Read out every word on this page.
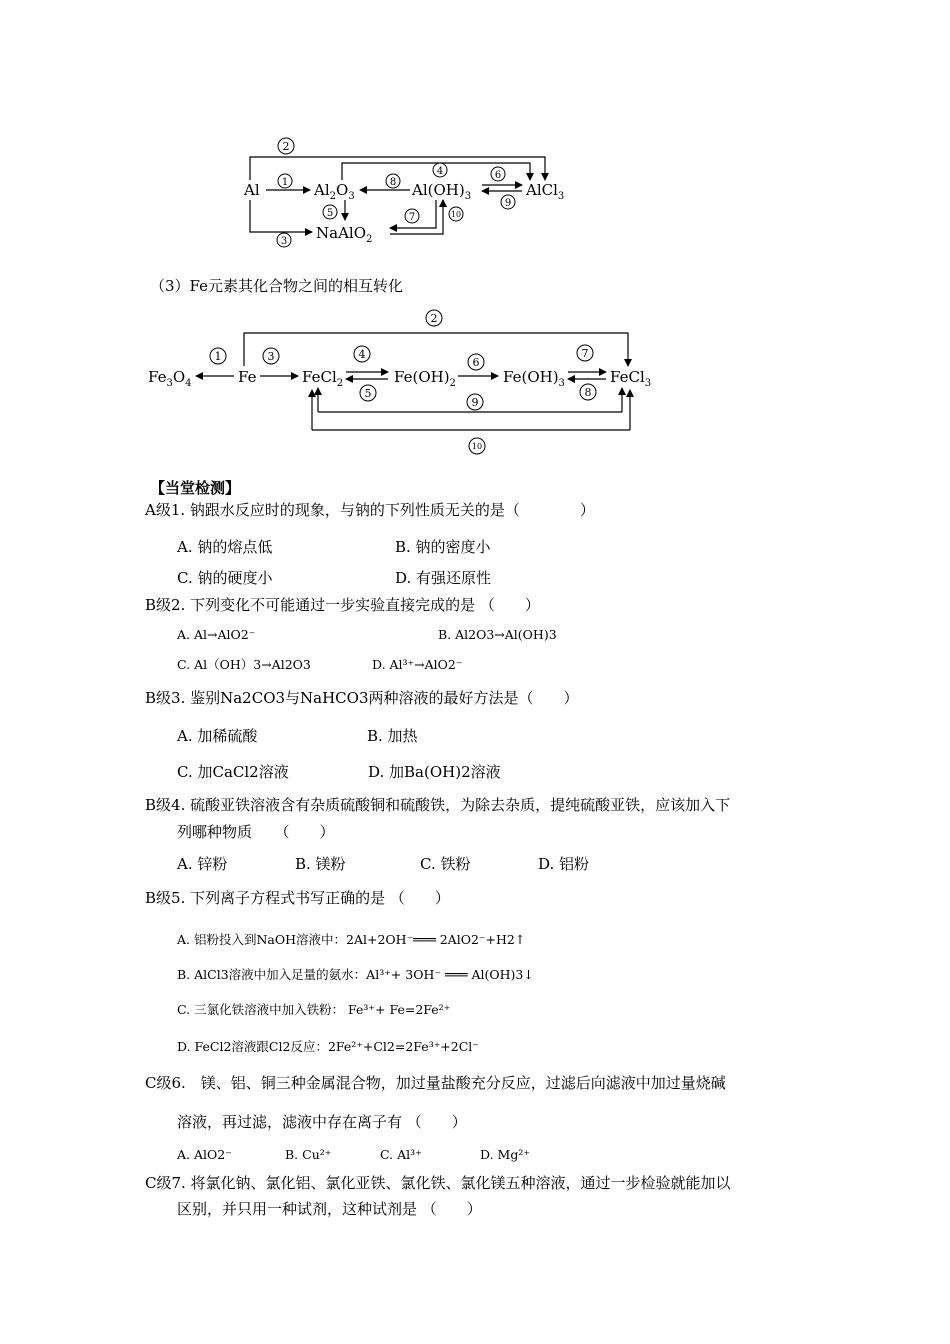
Al	$Al_2O_3$	$Al(OH)_3$	AlCl$_3$
NaAlO$_2$
2
1	8
4	6
9
5
3
7	10
（3）Fe元素其化合物之间的相互转化
$Fe_3O_4$	Fe	FeCl$_2$	$Fe(OH)_2$	$Fe(OH)_3$	FeCl$_3$
2
1	3	4
5
6
7
8
9
10
【当堂检测】
A级1. 钠跟水反应时的现象，与钠的下列性质无关的是（　　　　）
A. 钠的熔点低	B. 钠的密度小
C. 钠的硬度小	D. 有强还原性
B级2. 下列变化不可能通过一步实验直接完成的是 （　　）
A. Al→AlO2⁻	B. Al2O3→Al(OH)3
C. Al（OH）3→Al2O3	D. Al³⁺→AlO2⁻
B级3. 鉴别Na2CO3与NaHCO3两种溶液的最好方法是（　　）
A. 加稀硫酸	B. 加热
C. 加CaCl2溶液	D. 加Ba(OH)2溶液
B级4. 硫酸亚铁溶液含有杂质硫酸铜和硫酸铁，为除去杂质，提纯硫酸亚铁，应该加入下
列哪种物质　　（　　）
A. 锌粉	B. 镁粉	C. 铁粉	D. 铝粉
B级5. 下列离子方程式书写正确的是 （　　）
A. 铝粉投入到NaOH溶液中：2Al+2OH⁻═══ 2AlO2⁻+H2↑
B. AlCl3溶液中加入足量的氨水：Al³⁺+ 3OH⁻ ═══ Al(OH)3↓
C. 三氯化铁溶液中加入铁粉： Fe³⁺+ Fe=2Fe²⁺
D. FeCl2溶液跟Cl2反应：2Fe²⁺+Cl2=2Fe³⁺+2Cl⁻
C级6.　镁、铝、铜三种金属混合物，加过量盐酸充分反应，过滤后向滤液中加过量烧碱
溶液，再过滤，滤液中存在离子有 （　　）
A. AlO2⁻	B. Cu²⁺	C. Al³⁺	D. Mg²⁺
C级7. 将氯化钠、氯化铝、氯化亚铁、氯化铁、氯化镁五种溶液，通过一步检验就能加以
区别，并只用一种试剂，这种试剂是 （　　）
